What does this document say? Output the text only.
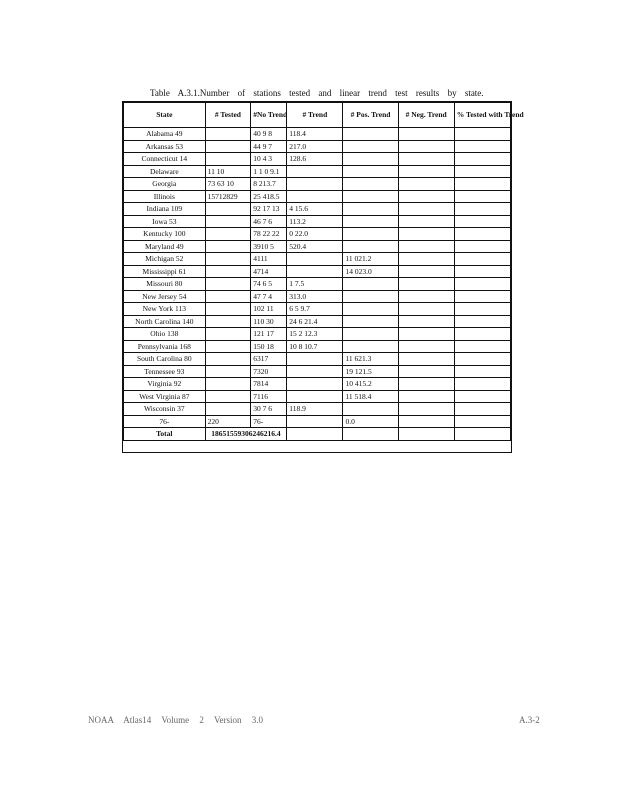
Table A.3.1.Number of stations tested and linear trend test results by state.
State	# Tested	#No Trend	# Trend	# Pos. Trend	# Neg. Trend	% Tested with Trend
Alabama 49		40 9 8	118.4			
Arkansas 53		44 9 7	217.0			
Connecticut 14		10 4 3	128.6			
Delaware	11 10	1 1 0 9.1				
Georgia	73 63 10	8 213.7				
Illinois	15712829	25 418.5				
Indiana 109		92 17 13	4 15.6			
Iowa 53		46 7 6	113.2			
Kentucky 100		78 22 22	0 22.0			
Maryland 49		3910 5	520.4			
Michigan 52		4111		11 021.2		
Mississippi 61		4714		14 023.0		
Missouri 80		74 6 5	1 7.5			
New Jersey 54		47 7 4	313.0			
New York 113		102 11	6 5 9.7			
North Carolina 140		110 30	24 6 21.4			
Ohio 138		121 17	15 2 12.3			
Pennsylvania 168		150 18	10 8 10.7			
South Carolina 80		6317		11 621.3		
Tennessee 93		7320		19 121.5		
Virginia 92		7814		10 415.2		
West Virginia 87		7116		11 518.4		
Wisconsin 37		30 7 6	118.9			
76-	220	76-		0.0		
Total	18651559306246216.4					
NOAA Atlas14 Volume 2 Version 3.0	A.3-2
